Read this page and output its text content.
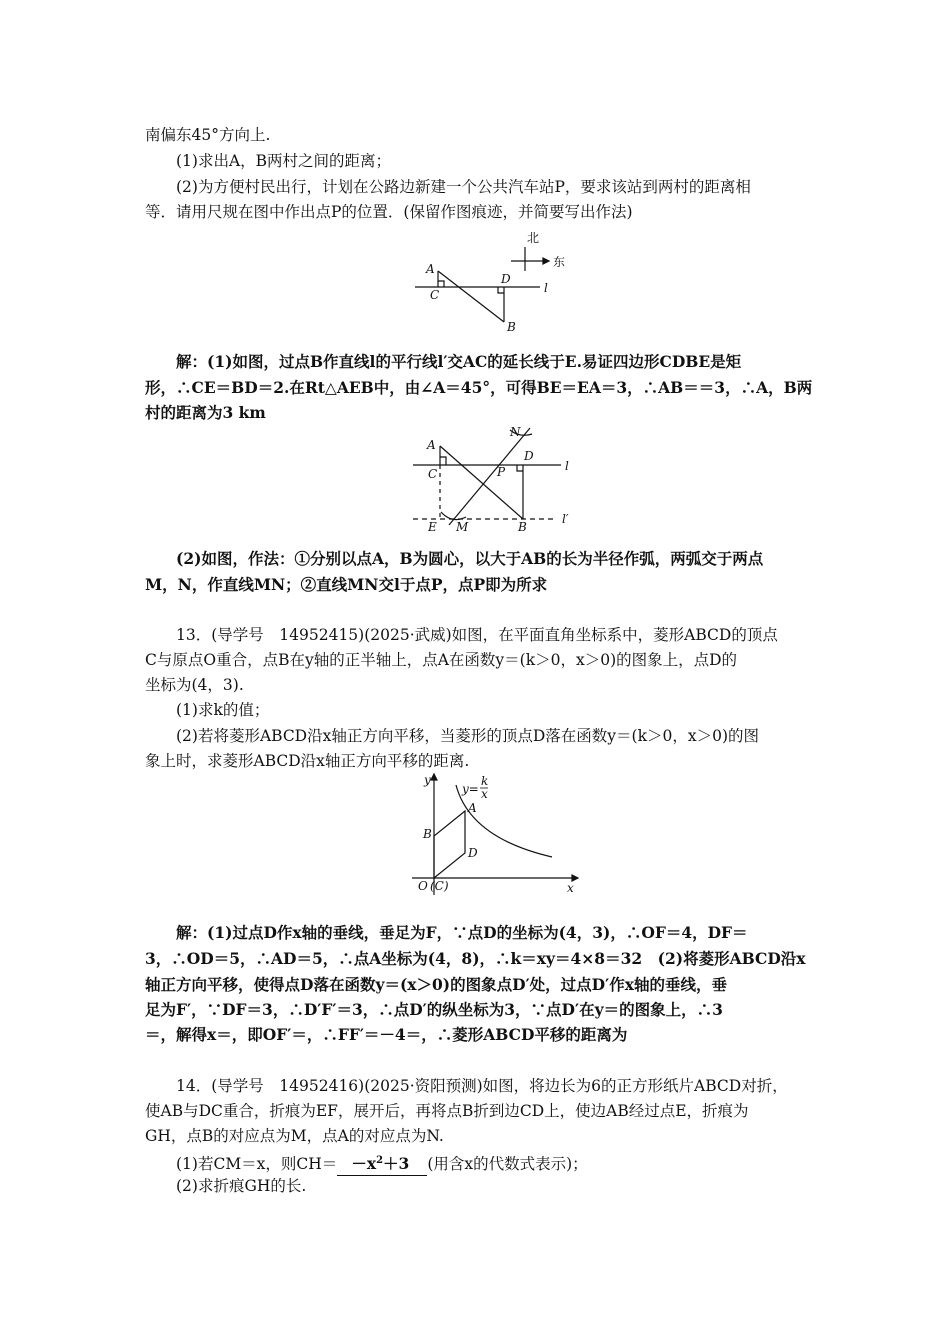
南偏东45°方向上.
(1)求出A，B两村之间的距离；
(2)为方便村民出行，计划在公路边新建一个公共汽车站P，要求该站到两村的距离相
等．请用尺规在图中作出点P的位置．(保留作图痕迹，并简要写出作法)
北
东
A
C
D
B
l
解：(1)如图，过点B作直线l的平行线l′交AC的延长线于E.易证四边形CDBE是矩
形，∴CE＝BD＝2.在Rt△AEB中，由∠A＝45°，可得BE＝EA＝3，∴AB＝＝3，∴A，B两
村的距离为3 km
A
C
D
N
P
E M	B
l
l′
(2)如图，作法：①分别以点A，B为圆心，以大于AB的长为半径作弧，两弧交于两点
M，N，作直线MN；②直线MN交l于点P，点P即为所求
13．(导学号　14952415)(2025·武威)如图，在平面直角坐标系中，菱形ABCD的顶点
C与原点O重合，点B在y轴的正半轴上，点A在函数y＝(k＞0，x＞0)的图象上，点D的
坐标为(4，3).
(1)求k的值；
(2)若将菱形ABCD沿x轴正方向平移，当菱形的顶点D落在函数y＝(k＞0，x＞0)的图
象上时，求菱形ABCD沿x轴正方向平移的距离.
y
x
y=
k
x
A
B
D
O (C)
解：(1)过点D作x轴的垂线，垂足为F，∵点D的坐标为(4，3)，∴OF＝4，DF＝
3，∴OD＝5，∴AD＝5，∴点A坐标为(4，8)，∴k＝xy＝4×8＝32　(2)将菱形ABCD沿x
轴正方向平移，使得点D落在函数y＝(x＞0)的图象点D′处，过点D′作x轴的垂线，垂
足为F′，∵DF＝3，∴D′F′＝3，∴点D′的纵坐标为3，∵点D′在y＝的图象上，∴3
＝，解得x＝，即OF′＝，∴FF′＝－4＝，∴菱形ABCD平移的距离为
14．(导学号　14952416)(2025·资阳预测)如图，将边长为6的正方形纸片ABCD对折，
使AB与DC重合，折痕为EF，展开后，再将点B折到边CD上，使边AB经过点E，折痕为
GH，点B的对应点为M，点A的对应点为N.
(1)若CM＝x，则$CH= -x^2+3$ (用含x的代数式表示)；
(2)求折痕GH的长.
